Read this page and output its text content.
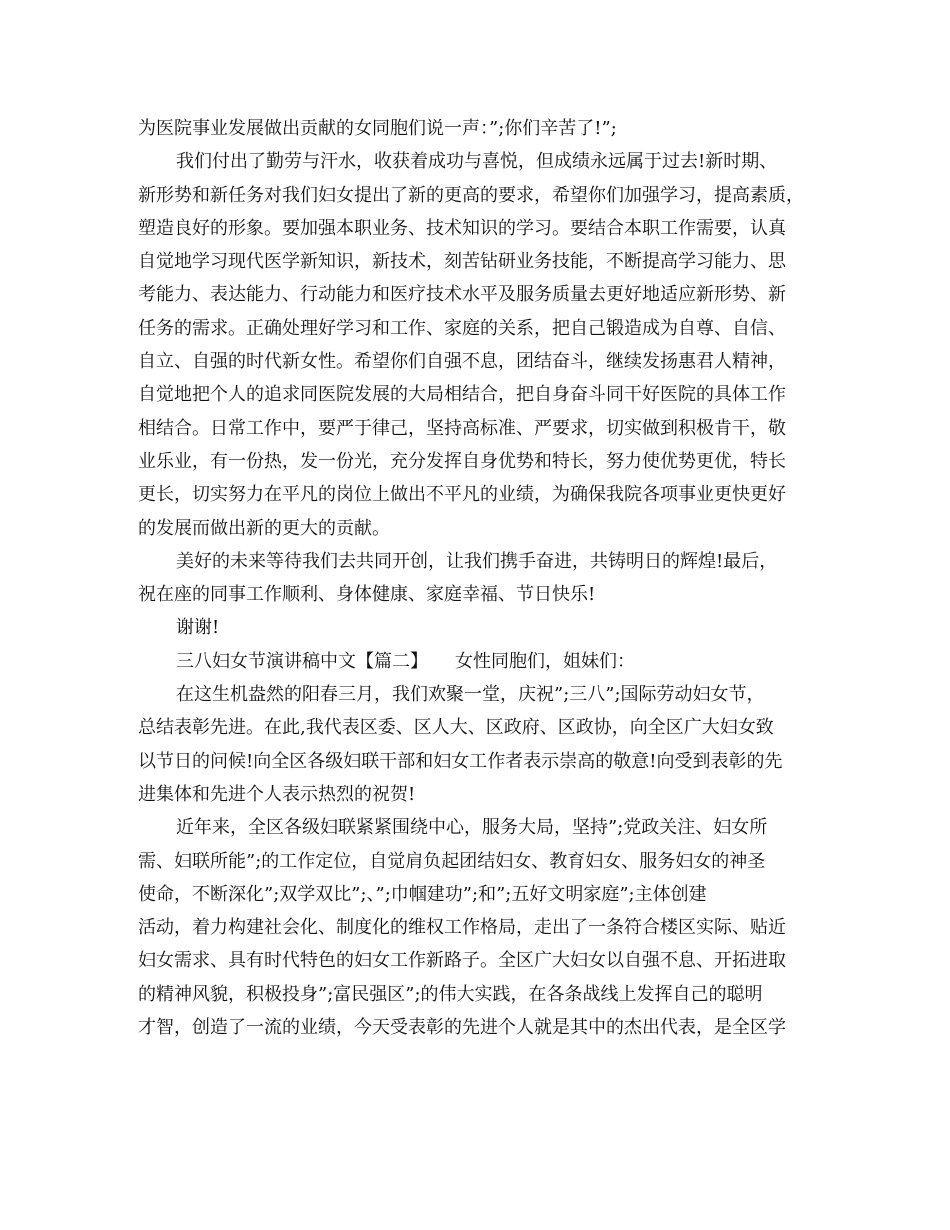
为医院事业发展做出贡献的女同胞们说一声：”;你们辛苦了!”;
我们付出了勤劳与汗水，收获着成功与喜悦，但成绩永远属于过去!新时期、
新形势和新任务对我们妇女提出了新的更高的要求，希望你们加强学习，提高素质，
塑造良好的形象。要加强本职业务、技术知识的学习。要结合本职工作需要，认真
自觉地学习现代医学新知识，新技术，刻苦钻研业务技能，不断提高学习能力、思
考能力、表达能力、行动能力和医疗技术水平及服务质量去更好地适应新形势、新
任务的需求。正确处理好学习和工作、家庭的关系，把自己锻造成为自尊、自信、
自立、自强的时代新女性。希望你们自强不息，团结奋斗，继续发扬惠君人精神，
自觉地把个人的追求同医院发展的大局相结合，把自身奋斗同干好医院的具体工作
相结合。日常工作中，要严于律己，坚持高标准、严要求，切实做到积极肯干，敬
业乐业，有一份热，发一份光，充分发挥自身优势和特长，努力使优势更优，特长
更长，切实努力在平凡的岗位上做出不平凡的业绩，为确保我院各项事业更快更好
的发展而做出新的更大的贡献。
美好的未来等待我们去共同开创，让我们携手奋进，共铸明日的辉煌!最后，
祝在座的同事工作顺利、身体健康、家庭幸福、节日快乐!
谢谢!
三八妇女节演讲稿中文【篇二】　　女性同胞们，姐妹们：
在这生机盎然的阳春三月，我们欢聚一堂，庆祝”;三八”;国际劳动妇女节，
总结表彰先进。在此,我代表区委、区人大、区政府、区政协，向全区广大妇女致
以节日的问候!向全区各级妇联干部和妇女工作者表示崇高的敬意!向受到表彰的先
进集体和先进个人表示热烈的祝贺!
近年来，全区各级妇联紧紧围绕中心，服务大局，坚持”;党政关注、妇女所
需、妇联所能”;的工作定位，自觉肩负起团结妇女、教育妇女、服务妇女的神圣
使命，不断深化”;双学双比”;、”;巾帼建功”;和”;五好文明家庭”;主体创建
活动，着力构建社会化、制度化的维权工作格局，走出了一条符合楼区实际、贴近
妇女需求、具有时代特色的妇女工作新路子。全区广大妇女以自强不息、开拓进取
的精神风貌，积极投身”;富民强区”;的伟大实践，在各条战线上发挥自己的聪明
才智，创造了一流的业绩，今天受表彰的先进个人就是其中的杰出代表，是全区学
